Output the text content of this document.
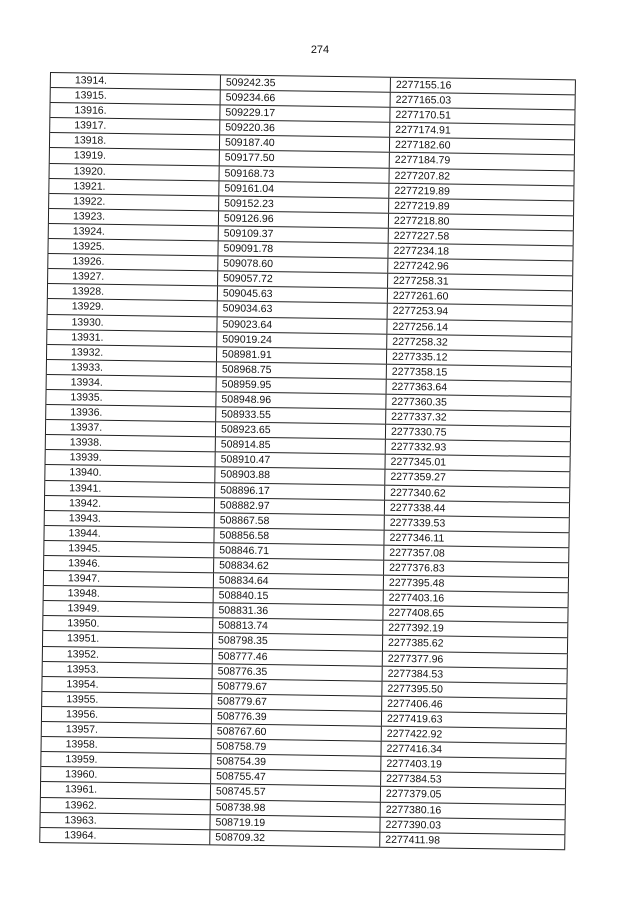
274
13914.	509242.35	2277155.16
13915.	509234.66	2277165.03
13916.	509229.17	2277170.51
13917.	509220.36	2277174.91
13918.	509187.40	2277182.60
13919.	509177.50	2277184.79
13920.	509168.73	2277207.82
13921.	509161.04	2277219.89
13922.	509152.23	2277219.89
13923.	509126.96	2277218.80
13924.	509109.37	2277227.58
13925.	509091.78	2277234.18
13926.	509078.60	2277242.96
13927.	509057.72	2277258.31
13928.	509045.63	2277261.60
13929.	509034.63	2277253.94
13930.	509023.64	2277256.14
13931.	509019.24	2277258.32
13932.	508981.91	2277335.12
13933.	508968.75	2277358.15
13934.	508959.95	2277363.64
13935.	508948.96	2277360.35
13936.	508933.55	2277337.32
13937.	508923.65	2277330.75
13938.	508914.85	2277332.93
13939.	508910.47	2277345.01
13940.	508903.88	2277359.27
13941.	508896.17	2277340.62
13942.	508882.97	2277338.44
13943.	508867.58	2277339.53
13944.	508856.58	2277346.11
13945.	508846.71	2277357.08
13946.	508834.62	2277376.83
13947.	508834.64	2277395.48
13948.	508840.15	2277403.16
13949.	508831.36	2277408.65
13950.	508813.74	2277392.19
13951.	508798.35	2277385.62
13952.	508777.46	2277377.96
13953.	508776.35	2277384.53
13954.	508779.67	2277395.50
13955.	508779.67	2277406.46
13956.	508776.39	2277419.63
13957.	508767.60	2277422.92
13958.	508758.79	2277416.34
13959.	508754.39	2277403.19
13960.	508755.47	2277384.53
13961.	508745.57	2277379.05
13962.	508738.98	2277380.16
13963.	508719.19	2277390.03
13964.	508709.32	2277411.98
